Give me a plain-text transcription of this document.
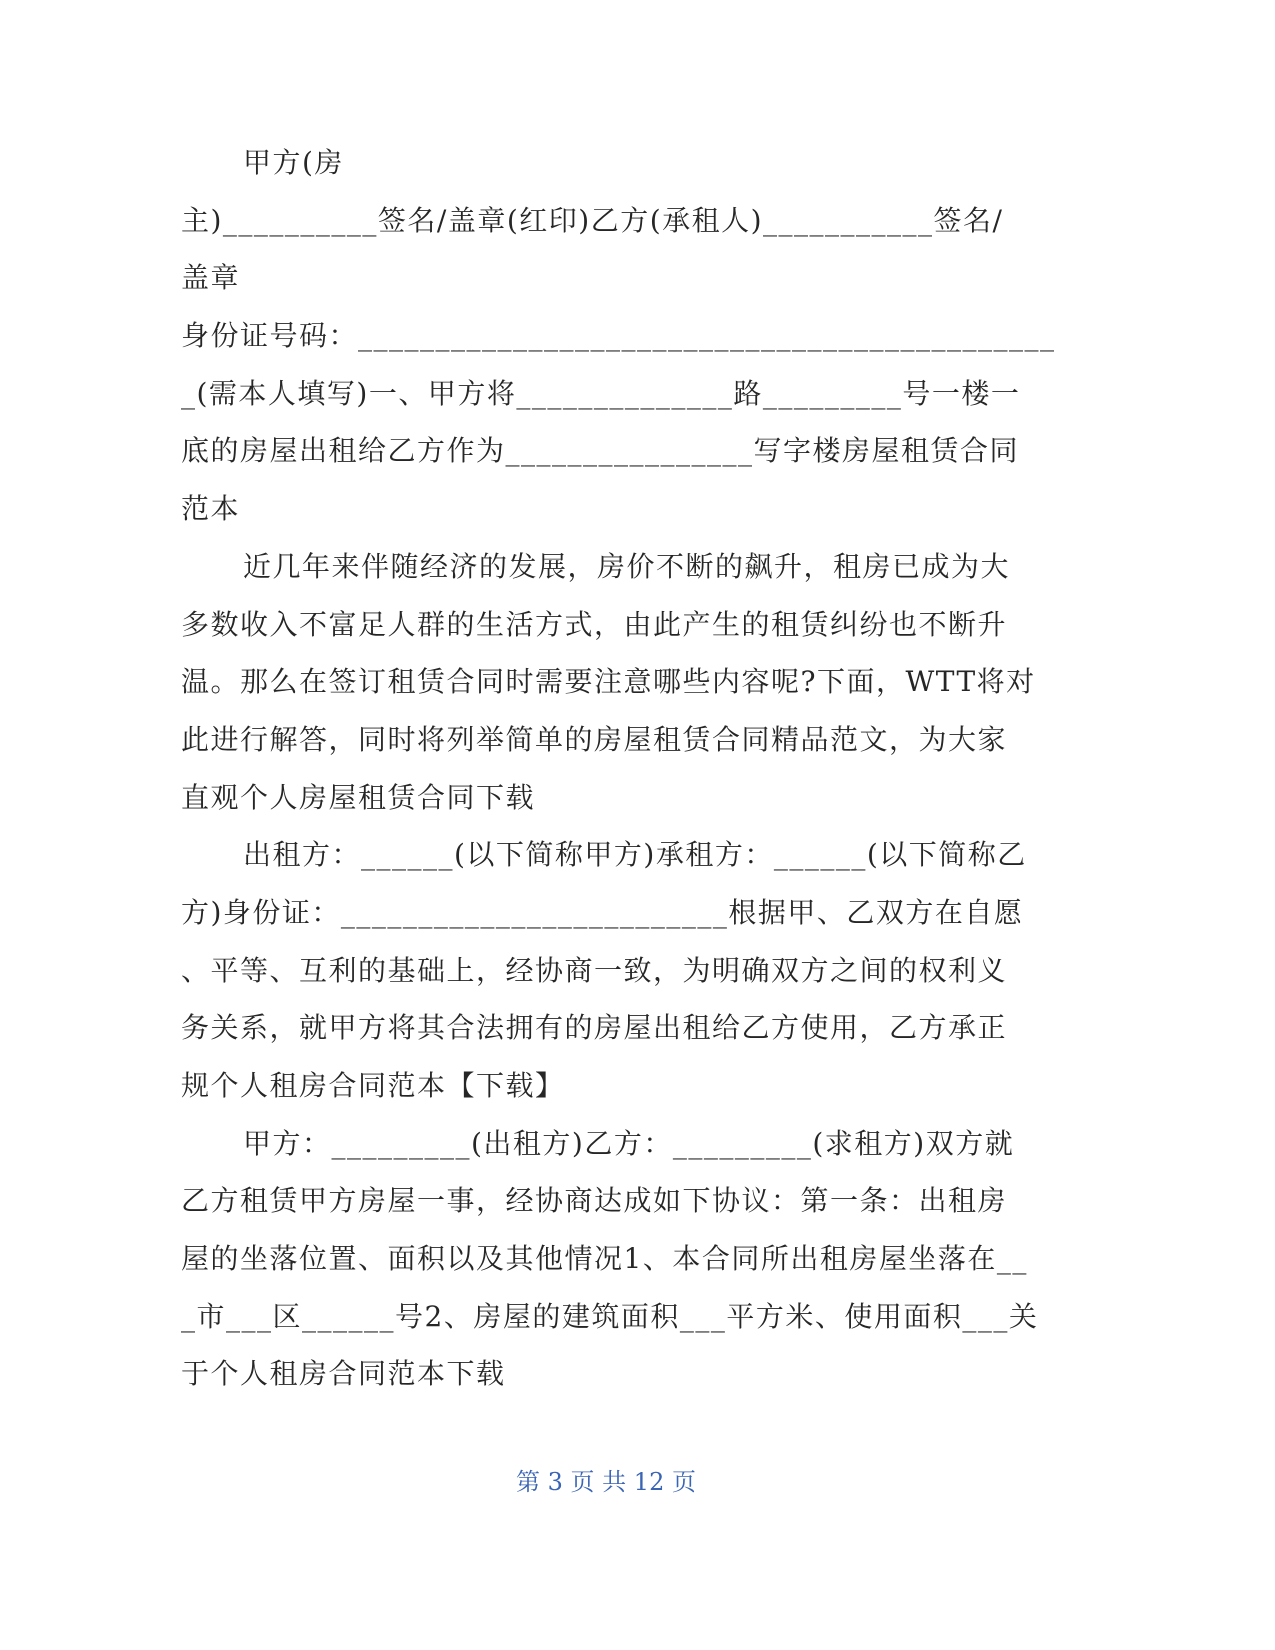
甲方(房
主)__________签名/盖章(红印)乙方(承租人)___________签名/
盖章
身份证号码：_____________________________________________
_(需本人填写)一、甲方将______________路_________号一楼一
底的房屋出租给乙方作为________________写字楼房屋租赁合同
范本
近几年来伴随经济的发展，房价不断的飙升，租房已成为大
多数收入不富足人群的生活方式，由此产生的租赁纠纷也不断升
温。那么在签订租赁合同时需要注意哪些内容呢?下面，WTT将对
此进行解答，同时将列举简单的房屋租赁合同精品范文，为大家
直观个人房屋租赁合同下载
出租方：______(以下简称甲方)承租方：______(以下简称乙
方)身份证：_________________________根据甲、乙双方在自愿
、平等、互利的基础上，经协商一致，为明确双方之间的权利义
务关系，就甲方将其合法拥有的房屋出租给乙方使用，乙方承正
规个人租房合同范本【下载】
甲方：_________(出租方)乙方：_________(求租方)双方就
乙方租赁甲方房屋一事，经协商达成如下协议：第一条：出租房
屋的坐落位置、面积以及其他情况1、本合同所出租房屋坐落在__
_市___区______号2、房屋的建筑面积___平方米、使用面积___关
于个人租房合同范本下载
第 3 页 共 12 页
